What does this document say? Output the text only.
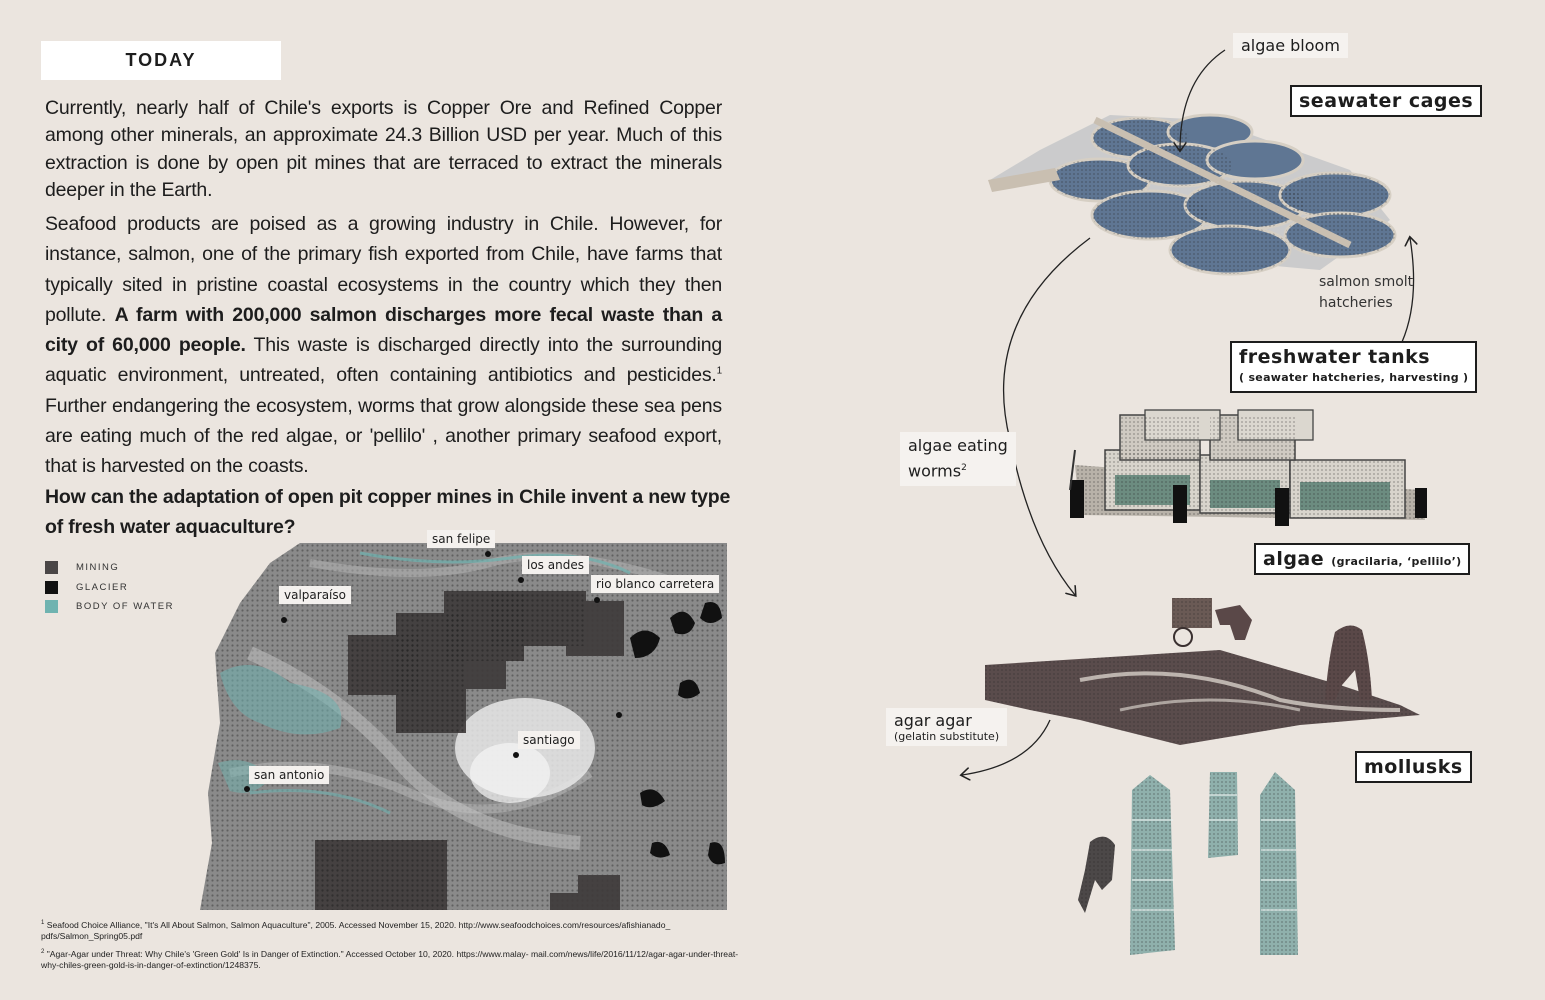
TODAY

Currently, nearly half of Chile's exports is Copper Ore and Refined Copper among other minerals, an approximate 24.3 Billion USD per year. Much of this extraction is done by open pit mines that are terraced to extract the minerals deeper in the Earth.

Seafood products are poised as a growing industry in Chile. However, for instance, salmon, one of the primary fish exported from Chile, have farms that typically sited in pristine coastal ecosystems in the country which they then pollute. A farm with 200,000 salmon discharges more fecal waste than a city of 60,000 people. This waste is discharged directly into the surrounding aquatic environment, untreated, often containing antibiotics and pesticides.$^1$ Further endangering the ecosystem, worms that grow alongside these sea pens are eating much of the red algae, or 'pellilo' , another primary seafood export, that is harvested on the coasts.

How can the adaptation of open pit copper mines in Chile invent a new type of fresh water aquaculture?

san felipe
los andes
rio blanco carretera
valparaíso
santiago
san antonio
MINING
GLACIER
BODY OF WATER

$^1$ Seafood Choice Alliance, "It's All About Salmon, Salmon Aquaculture", 2005. Accessed November 15, 2020. http://www.seafoodchoices.com/resources/afishianado_ pdfs/Salmon_Spring05.pdf

$^2$ "Agar-Agar under Threat: Why Chile's 'Green Gold' Is in Danger of Extinction." Accessed October 10, 2020. https://www.malay- mail.com/news/life/2016/11/12/agar-agar-under-threat-why-chiles-green-gold-is-in-danger-of-extinction/1248375.

algae bloom
seawater cages
salmon smolt
hatcheries
freshwater tanks
( seawater hatcheries, harvesting )
algae eating
worms$^2$
algae (gracilaria, ‘pellilo’)
agar agar
(gelatin substitute)
mollusks
